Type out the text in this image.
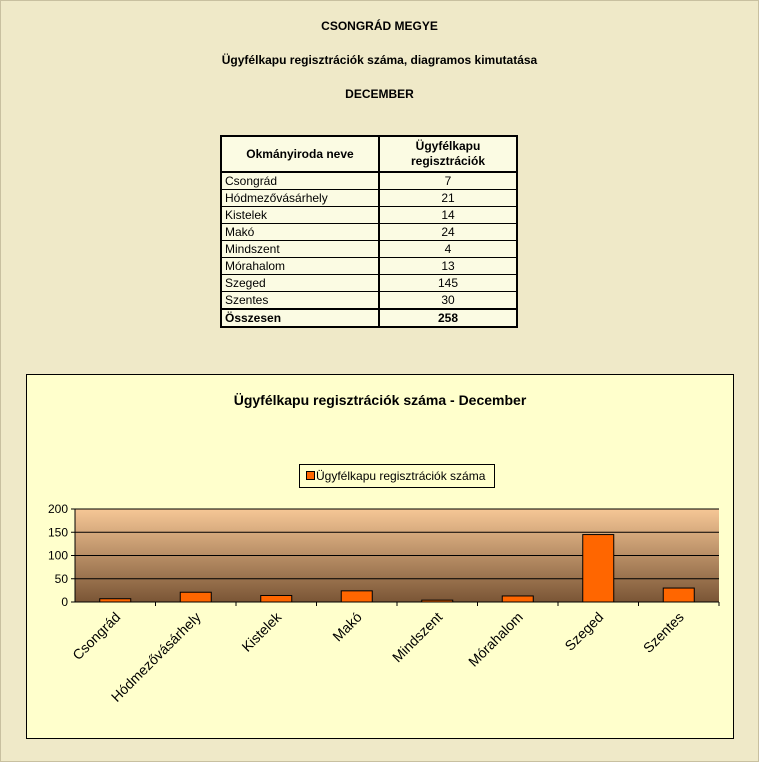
CSONGRÁD MEGYE
Ügyfélkapu regisztrációk száma, diagramos kimutatása
DECEMBER
Okmányiroda neve	Ügyfélkapu regisztrációk
Csongrád	7
Hódmezővásárhely	21
Kistelek	14
Makó	24
Mindszent	4
Mórahalom	13
Szeged	145
Szentes	30
Összesen	258
Ügyfélkapu regisztrációk száma - December
Ügyfélkapu regisztrációk száma
0
50
100
150
200
Csongrád
Hódmezővásárhely Kistelek	Makó Mindszent Mórahalom	Szeged Szentes
